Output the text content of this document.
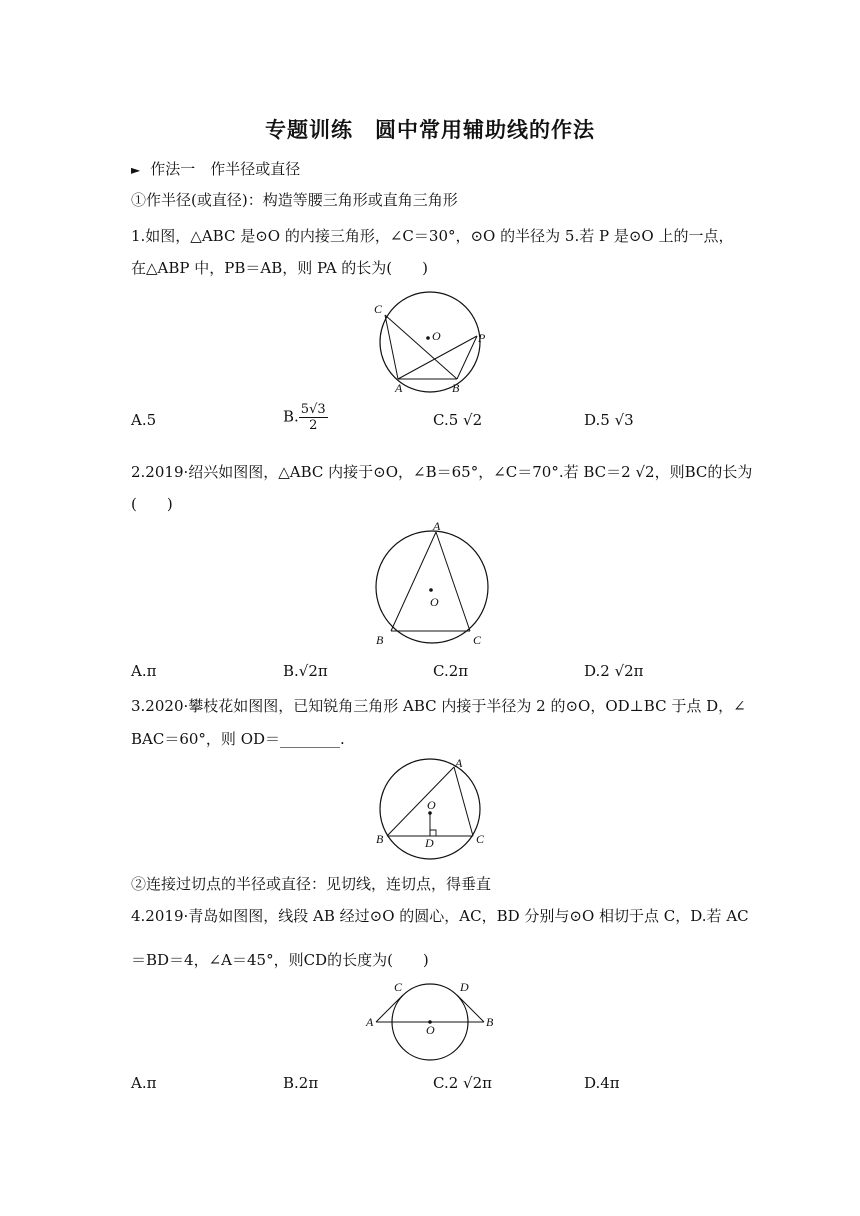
专题训练　圆中常用辅助线的作法
► 作法一　作半径或直径
①作半径(或直径)：构造等腰三角形或直角三角形
1.如图，△ABC 是⊙O 的内接三角形，∠C＝30°，⊙O 的半径为 5.若 P 是⊙O 上的一点，
在△ABP 中，PB＝AB，则 PA 的长为(　　)
C
O	P
A	B
A.5	B. $\frac{5√3}{2}$	C.5 √2	D.5 √3
2.2019·绍兴如图图，△ABC 内接于⊙O，∠B＝65°，∠C＝70°.若 BC＝2 √2，则BC的长为
(　　)
A
O
B	C
A.π	B.√2π	C.2π	D.2 √2π
3.2020·攀枝花如图图，已知锐角三角形 ABC 内接于半径为 2 的⊙O，OD⊥BC 于点 D，∠
BAC＝60°，则 OD＝________.
A
O
B	D	C
②连接过切点的半径或直径：见切线，连切点，得垂直
4.2019·青岛如图图，线段 AB 经过⊙O 的圆心，AC，BD 分别与⊙O 相切于点 C，D.若 AC
＝BD＝4，∠A＝45°，则CD的长度为(　　)
C	D
A
O
B
A.π	B.2π	C.2 √2π	D.4π
